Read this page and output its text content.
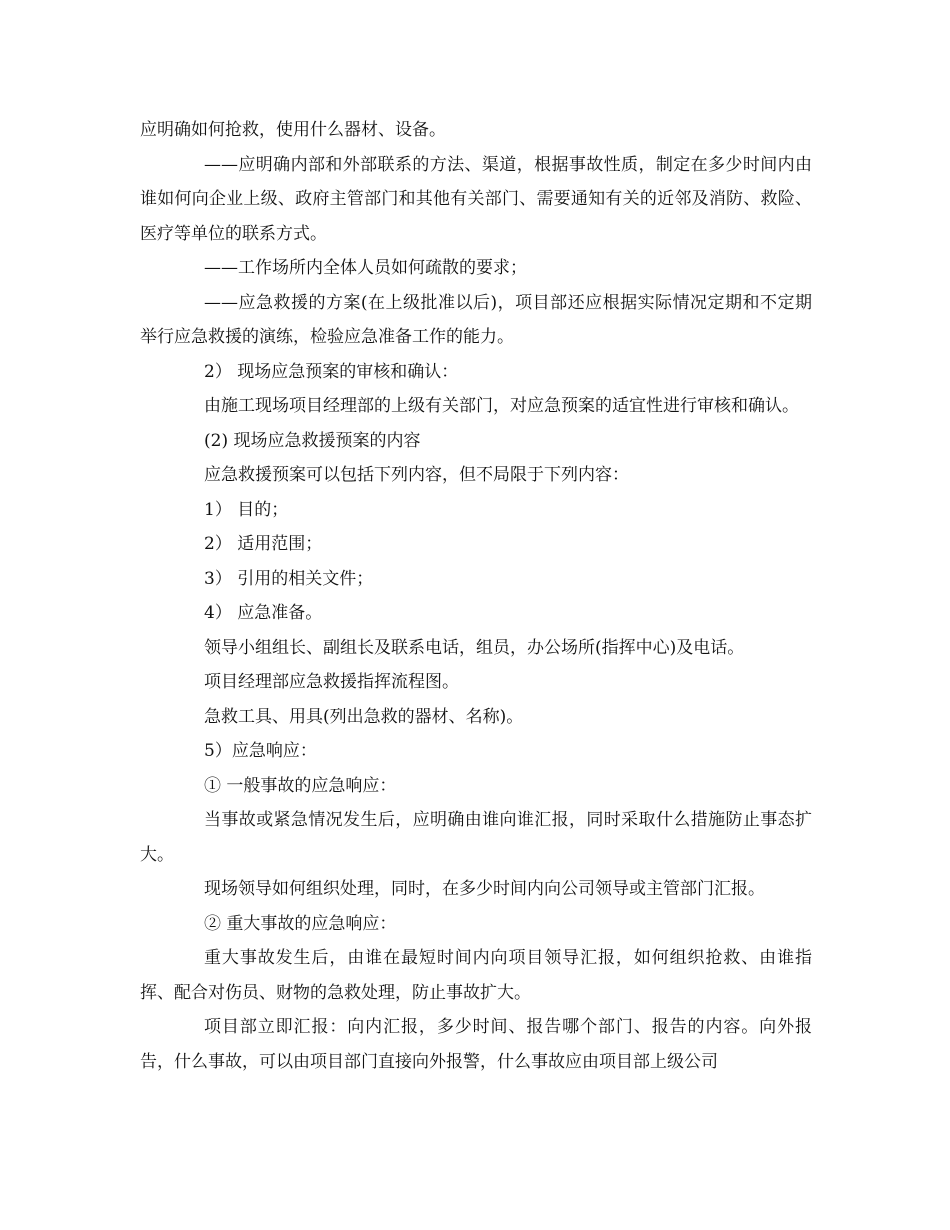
应明确如何抢救，使用什么器材、设备。

——应明确内部和外部联系的方法、渠道，根据事故性质，制定在多少时间内由谁如何向企业上级、政府主管部门和其他有关部门、需要通知有关的近邻及消防、救险、医疗等单位的联系方式。

——工作场所内全体人员如何疏散的要求；

——应急救援的方案(在上级批准以后)，项目部还应根据实际情况定期和不定期举行应急救援的演练，检验应急准备工作的能力。

2） 现场应急预案的审核和确认：

由施工现场项目经理部的上级有关部门，对应急预案的适宜性进行审核和确认。

(2) 现场应急救援预案的内容

应急救援预案可以包括下列内容，但不局限于下列内容：

1） 目的；

2） 适用范围；

3） 引用的相关文件；

4） 应急准备。

领导小组组长、副组长及联系电话，组员，办公场所(指挥中心)及电话。

项目经理部应急救援指挥流程图。

急救工具、用具(列出急救的器材、名称)。

5）应急响应：

① 一般事故的应急响应：

当事故或紧急情况发生后，应明确由谁向谁汇报，同时采取什么措施防止事态扩大。

现场领导如何组织处理，同时，在多少时间内向公司领导或主管部门汇报。

② 重大事故的应急响应：

重大事故发生后，由谁在最短时间内向项目领导汇报，如何组织抢救、由谁指挥、配合对伤员、财物的急救处理，防止事故扩大。

项目部立即汇报：向内汇报，多少时间、报告哪个部门、报告的内容。向外报告，什么事故，可以由项目部门直接向外报警，什么事故应由项目部上级公司
